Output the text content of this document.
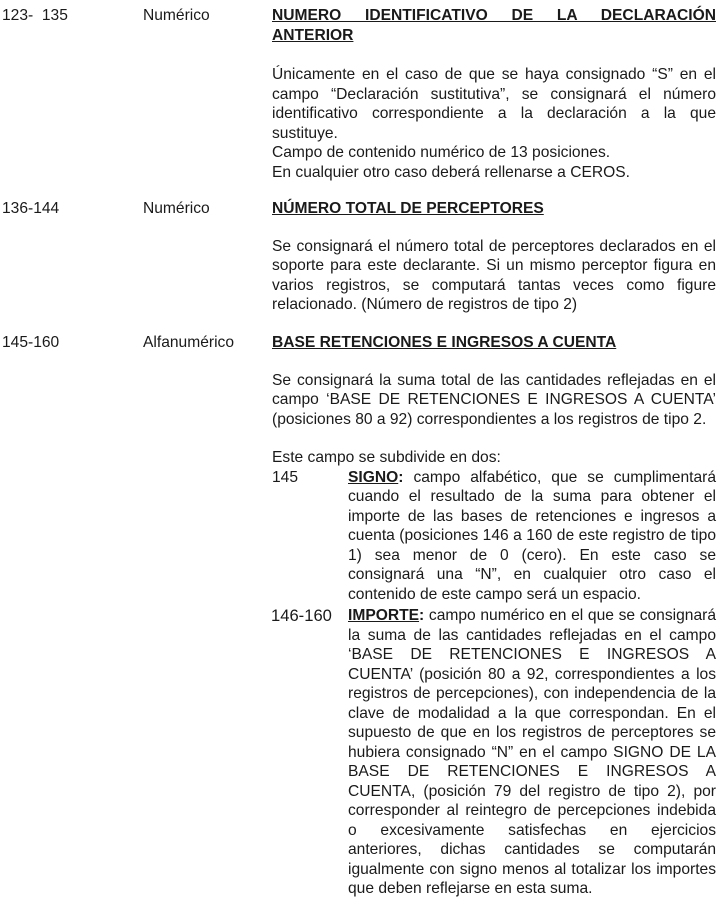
123-  135	Numérico	NUMERO IDENTIFICATIVO DE LA DECLARACIÓN
ANTERIOR

Únicamente en el caso de que se haya consignado “S” en el campo “Declaración sustitutiva”, se consignará el número identificativo correspondiente a la declaración a la que sustituye.

Campo de contenido numérico de 13 posiciones.

En cualquier otro caso deberá rellenarse a CEROS.

136-144	Numérico	NÚMERO TOTAL DE PERCEPTORES

Se consignará el número total de perceptores declarados en el soporte para este declarante. Si un mismo perceptor figura en varios registros, se computará tantas veces como figure relacionado. (Número de registros de tipo 2)

145-160	Alfanumérico BASE RETENCIONES E INGRESOS A CUENTA

Se consignará la suma total de las cantidades reflejadas en el campo ‘BASE DE RETENCIONES E INGRESOS A CUENTA’ (posiciones 80 a 92) correspondientes a los registros de tipo 2.

Este campo se subdivide en dos:

145	SIGNO: campo alfabético, que se cumplimentará cuando el resultado de la suma para obtener el importe de las bases de retenciones e ingresos a cuenta (posiciones 146 a 160 de este registro de tipo 1) sea menor de 0 (cero). En este caso se consignará una “N”, en cualquier otro caso el contenido de este campo será un espacio.
146-160 IMPORTE: campo numérico en el que se consignará la suma de las cantidades reflejadas en el campo ‘BASE DE RETENCIONES E INGRESOS A CUENTA’ (posición 80 a 92, correspondientes a los registros de percepciones), con independencia de la clave de modalidad a la que correspondan. En el supuesto de que en los registros de perceptores se hubiera consignado “N” en el campo SIGNO DE LA BASE DE RETENCIONES E INGRESOS A CUENTA, (posición 79 del registro de tipo 2), por corresponder al reintegro de percepciones indebida o excesivamente satisfechas en ejercicios anteriores, dichas cantidades se computarán igualmente con signo menos al totalizar los importes que deben reflejarse en esta suma.
